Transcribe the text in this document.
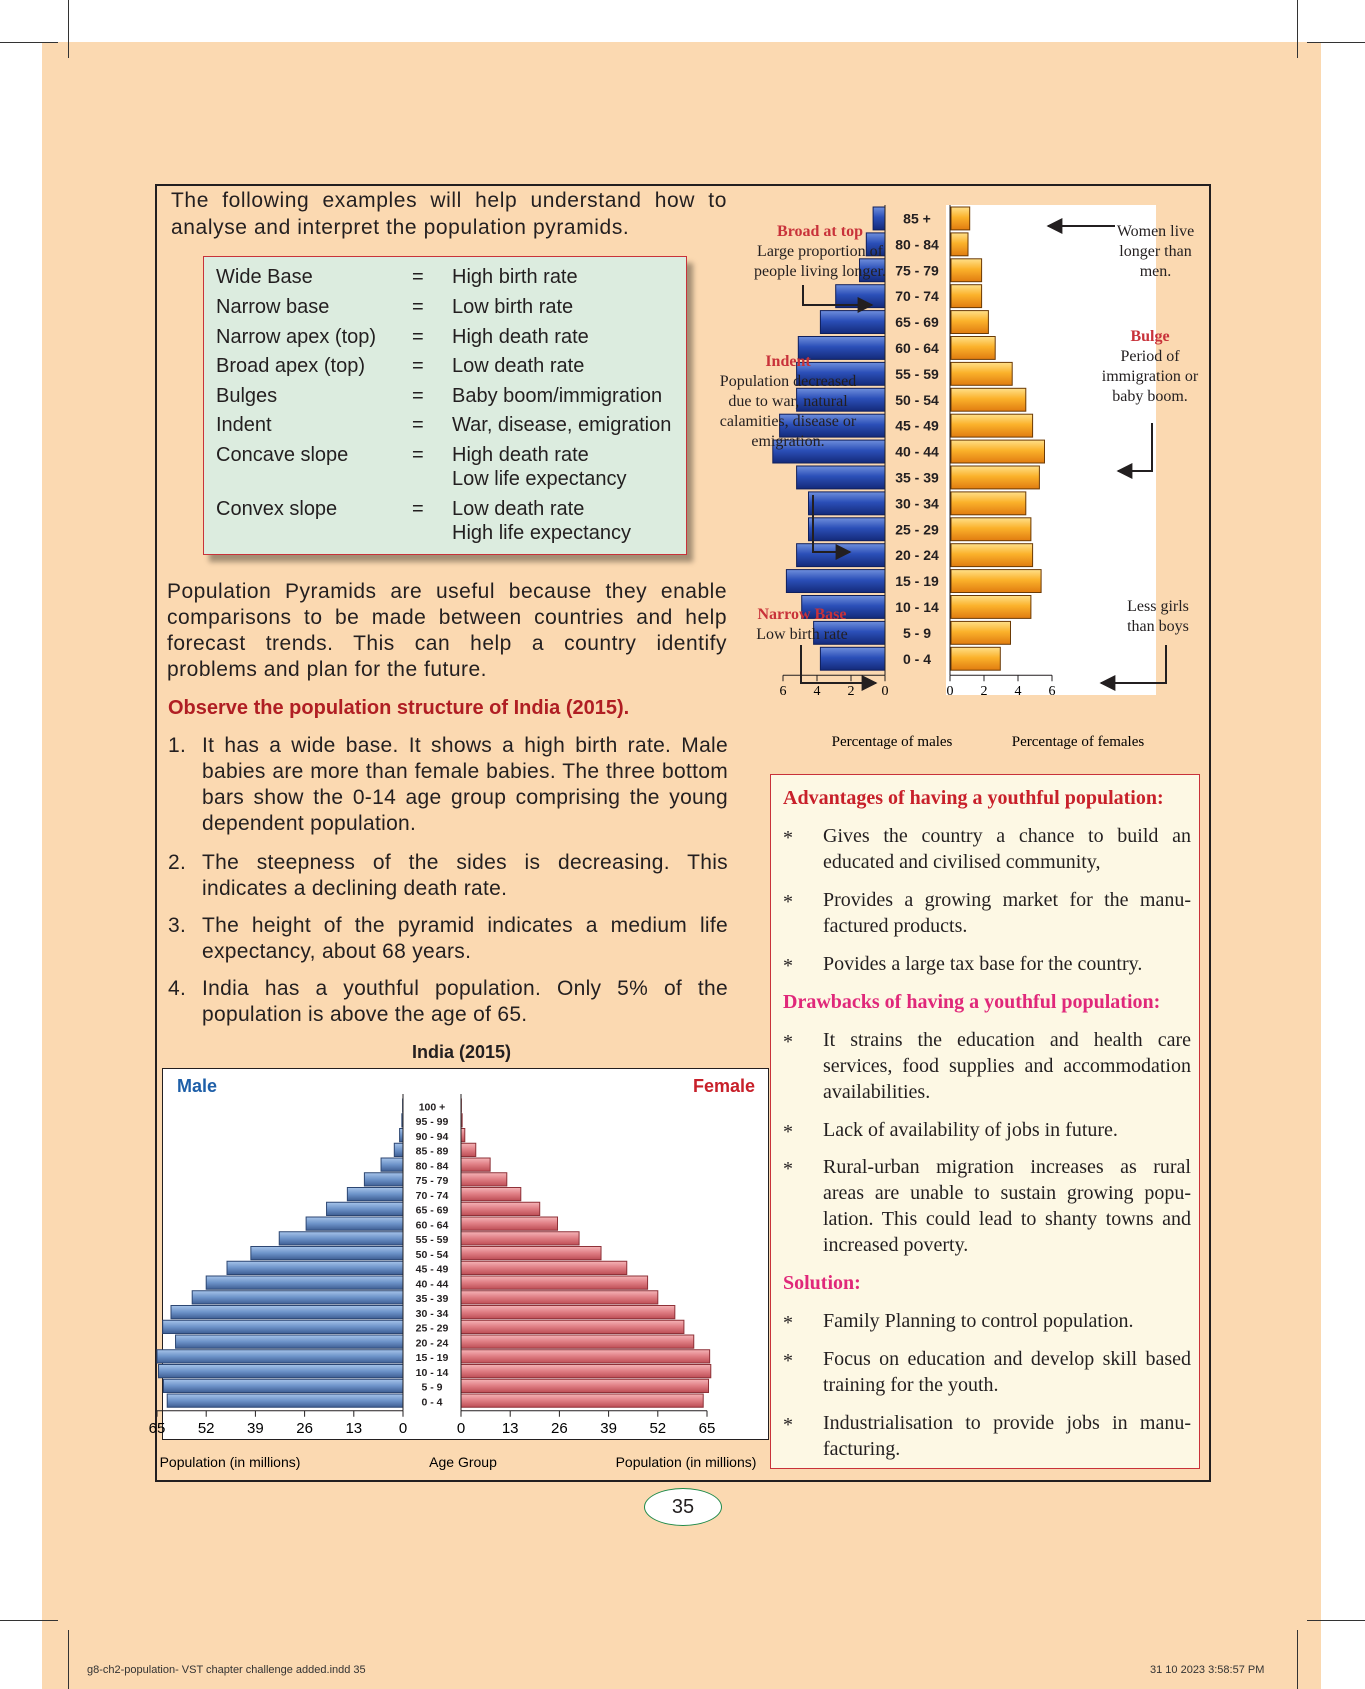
The following examples will help understand how to analyse and interpret the population pyramids.
Wide Base	= High birth rate
Narrow base	= Low birth rate
Narrow apex (top)	= High death rate
Broad apex (top)	= Low death rate
Bulges	= Baby boom/immigration
Indent	= War, disease, emigration
Concave slope	= High death rate
Low life expectancy
Convex slope	= Low death rate
High life expectancy
Population Pyramids are useful because they enable comparisons to be made between countries and help forecast trends. This can help a country identify problems and plan for the future.
Observe the population structure of India (2015).
1. It has a wide base. It shows a high birth rate. Male babies are more than female babies. The three bottom bars show the 0-14 age group comprising the young dependent population.
2. The steepness of the sides is decreasing. This indicates a declining death rate.
3. The height of the pyramid indicates a medium life expectancy, about 68 years.
4. India has a youthful population. Only 5% of the population is above the age of 65.
85 +
80 - 84
75 - 79
70 - 74
65 - 69
60 - 64
55 - 59
50 - 54
45 - 49
40 - 44
35 - 39
30 - 34
25 - 29
20 - 24
15 - 19
10 - 14
5 - 9
0 - 4
6 4 2 0	0 2 4 6
Percentage of males	Percentage of females
Broad at top
Large proportion of people living longer.
Indent
Population decreased due to war, natural calamities, disease or emigration.
Narrow Base
Low birth rate
Women live longer than men.
Bulge
Period of immigration or baby boom.
Less girls than boys
India (2015)
Male	Female
100 +
95 - 99
90 - 94
85 - 89
80 - 84
75 - 79
70 - 74
65 - 69
60 - 64
55 - 59
50 - 54
45 - 49
40 - 44
35 - 39
30 - 34
25 - 29
20 - 24
15 - 19
10 - 14
5 - 9
0 - 4
65 52 39 26 13 0	0 13 26 39 52 65
Population (in millions)	Age Group	Population (in millions)
Advantages of having a youthful population:
* Gives the country a chance to build an educated and civilised community,
* Provides a growing market for the manu-factured products.
* Povides a large tax base for the country.
Drawbacks of having a youthful population:
* It strains the education and health care services, food supplies and accommodation availabilities.
* Lack of availability of jobs in future.
* Rural-urban migration increases as rural areas are unable to sustain growing popu-lation. This could lead to shanty towns and increased poverty.
Solution:
* Family Planning to control population.
* Focus on education and develop skill based training for the youth.
* Industrialisation to provide jobs in manu-facturing.
35
g8-ch2-population- VST chapter challenge added.indd 35	31 10 2023 3:58:57 PM
